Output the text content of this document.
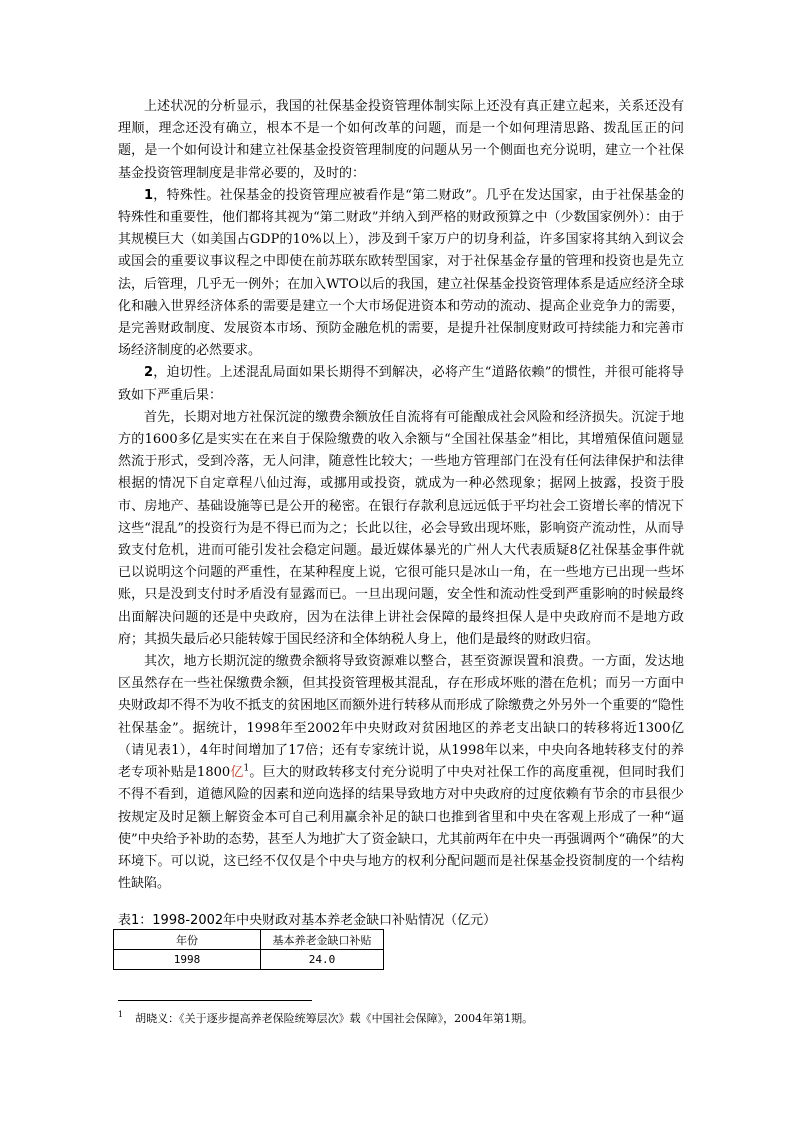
上述状况的分析显示，我国的社保基金投资管理体制实际上还没有真正建立起来，关系还没有理顺，理念还没有确立，根本不是一个如何改革的问题，而是一个如何理清思路、拨乱匡正的问题，是一个如何设计和建立社保基金投资管理制度的问题从另一个侧面也充分说明，建立一个社保基金投资管理制度是非常必要的，及时的：

1，特殊性。社保基金的投资管理应被看作是“第二财政”。几乎在发达国家，由于社保基金的特殊性和重要性，他们都将其视为“第二财政”并纳入到严格的财政预算之中（少数国家例外）：由于其规模巨大（如美国占GDP的10%以上），涉及到千家万户的切身利益，许多国家将其纳入到议会或国会的重要议事议程之中即使在前苏联东欧转型国家，对于社保基金存量的管理和投资也是先立法，后管理，几乎无一例外；在加入WTO以后的我国，建立社保基金投资管理体系是适应经济全球化和融入世界经济体系的需要是建立一个大市场促进资本和劳动的流动、提高企业竞争力的需要，是完善财政制度、发展资本市场、预防金融危机的需要，是提升社保制度财政可持续能力和完善市场经济制度的必然要求。

2，迫切性。上述混乱局面如果长期得不到解决，必将产生“道路依赖”的惯性，并很可能将导致如下严重后果：

首先，长期对地方社保沉淀的缴费余额放任自流将有可能酿成社会风险和经济损失。沉淀于地方的1600多亿是实实在在来自于保险缴费的收入余额与“全国社保基金”相比，其增殖保值问题显然流于形式，受到冷落，无人问津，随意性比较大；一些地方管理部门在没有任何法律保护和法律根据的情况下自定章程八仙过海，或挪用或投资，就成为一种必然现象；据网上披露，投资于股市、房地产、基础设施等已是公开的秘密。在银行存款利息远远低于平均社会工资增长率的情况下这些“混乱”的投资行为是不得已而为之；长此以往，必会导致出现坏账，影响资产流动性，从而导致支付危机，进而可能引发社会稳定问题。最近媒体暴光的广州人大代表质疑8亿社保基金事件就已以说明这个问题的严重性，在某种程度上说，它很可能只是冰山一角，在一些地方已出现一些坏账，只是没到支付时矛盾没有显露而已。一旦出现问题，安全性和流动性受到严重影响的时候最终出面解决问题的还是中央政府，因为在法律上讲社会保障的最终担保人是中央政府而不是地方政府；其损失最后必只能转嫁于国民经济和全体纳税人身上，他们是最终的财政归宿。

其次，地方长期沉淀的缴费余额将导致资源难以整合，甚至资源误置和浪费。一方面，发达地区虽然存在一些社保缴费余额，但其投资管理极其混乱，存在形成坏账的潜在危机；而另一方面中央财政却不得不为收不抵支的贫困地区而额外进行转移从而形成了除缴费之外另外一个重要的“隐性社保基金”。据统计，1998年至2002年中央财政对贫困地区的养老支出缺口的转移将近1300亿（请见表1），4年时间增加了17倍；还有专家统计说，从1998年以来，中央向各地转移支付的养老专项补贴是1800亿$^1$。巨大的财政转移支付充分说明了中央对社保工作的高度重视，但同时我们不得不看到，道德风险的因素和逆向选择的结果导致地方对中央政府的过度依赖有节余的市县很少按规定及时足额上解资金本可自己利用赢余补足的缺口也推到省里和中央在客观上形成了一种“逼使”中央给予补助的态势，甚至人为地扩大了资金缺口，尤其前两年在中央一再强调两个“确保”的大环境下。可以说，这已经不仅仅是个中央与地方的权利分配问题而是社保基金投资制度的一个结构性缺陷。

表1：1998-2002年中央财政对基本养老金缺口补贴情况（亿元）
年份	基本养老金缺口补贴
1998	24.0
$^1$ 胡晓义：《关于逐步提高养老保险统筹层次》载《中国社会保障》，2004年第1期。
